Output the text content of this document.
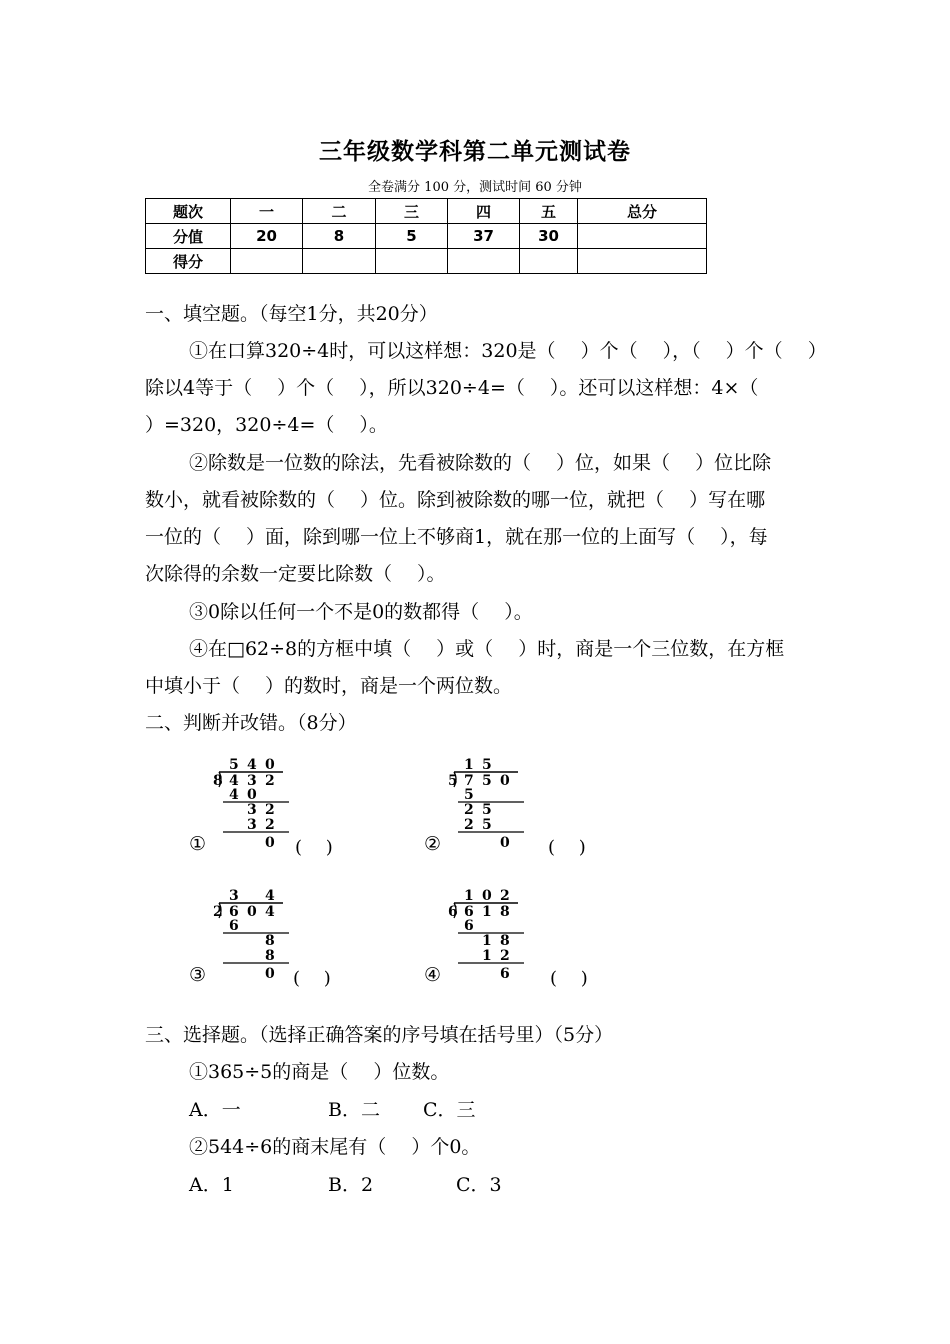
三年级数学科第二单元测试卷
全卷满分 100 分，测试时间 60 分钟
题次	一	二	三	四	五	总分
分值	20	8	5	37	30	
得分						
一、填空题。（每空1分，共20分）
①在口算320÷4时，可以这样想：320是（　 ）个（　 ），（　 ）个（　 ）
除以4等于（　 ）个（　 ），所以320÷4=（　 ）。还可以这样想：4×（
）=320，320÷4=（　 ）。
②除数是一位数的除法，先看被除数的（　 ）位，如果（　 ）位比除
数小，就看被除数的（　 ）位。除到被除数的哪一位，就把（　 ）写在哪
一位的（　 ）面，除到哪一位上不够商1，就在那一位的上面写（　 ），每
次除得的余数一定要比除数（　 ）。
③0除以任何一个不是0的数都得（　 ）。
④在□62÷8的方框中填（　 ）或（　 ）时，商是一个三位数，在方框
中填小于（　 ）的数时，商是一个两位数。
二、判断并改错。（8分）
5 4 0
8 4 3 2
4 0
3 2
3 2
0
①	(　 )
1 5
5 7 5 0
5
2 5
2 5
0
②	(　 )
3 4
2 6 0 4
6
8
8
0
③	(　 )
1 0 2
6 6 1 8
6
1 8
1 2
6
④	(　 )
三、选择题。（选择正确答案的序号填在括号里）（5分）
①365÷5的商是（　 ）位数。
A．一	B．二 C．三
②544÷6的商末尾有（　 ）个0。
A．1	B．2	C．3
